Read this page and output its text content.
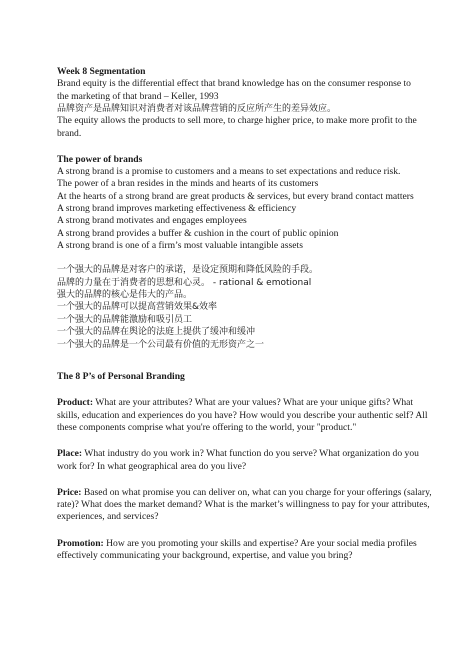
Week 8 Segmentation
Brand equity is the differential effect that brand knowledge has on the consumer response to
the marketing of that brand – Keller, 1993
品牌资产是品牌知识对消费者对该品牌营销的反应所产生的差异效应。
The equity allows the products to sell more, to charge higher price, to make more profit to the
brand.
The power of brands
A strong brand is a promise to customers and a means to set expectations and reduce risk.
The power of a bran resides in the minds and hearts of its customers
At the hearts of a strong brand are great products & services, but every brand contact matters
A strong brand improves marketing effectiveness & efficiency
A strong brand motivates and engages employees
A strong brand provides a buffer & cushion in the court of public opinion
A strong brand is one of a firm’s most valuable intangible assets
一个强大的品牌是对客户的承诺，是设定预期和降低风险的手段。
品牌的力量在于消费者的思想和心灵。 - rational & emotional
强大的品牌的核心是伟大的产品。
一个强大的品牌可以提高营销效果&效率
一个强大的品牌能激励和吸引员工
一个强大的品牌在舆论的法庭上提供了缓冲和缓冲
一个强大的品牌是一个公司最有价值的无形资产之一
The 8 P’s of Personal Branding

Product: What are your attributes? What are your values? What are your unique gifts? What skills, education and experiences do you have? How would you describe your authentic self? All these components comprise what you're offering to the world, your "product."

Place: What industry do you work in? What function do you serve? What organization do you work for? In what geographical area do you live?

Price: Based on what promise you can deliver on, what can you charge for your offerings (salary, rate)? What does the market demand? What is the market’s willingness to pay for your attributes, experiences, and services?

Promotion: How are you promoting your skills and expertise? Are your social media profiles effectively communicating your background, expertise, and value you bring?
